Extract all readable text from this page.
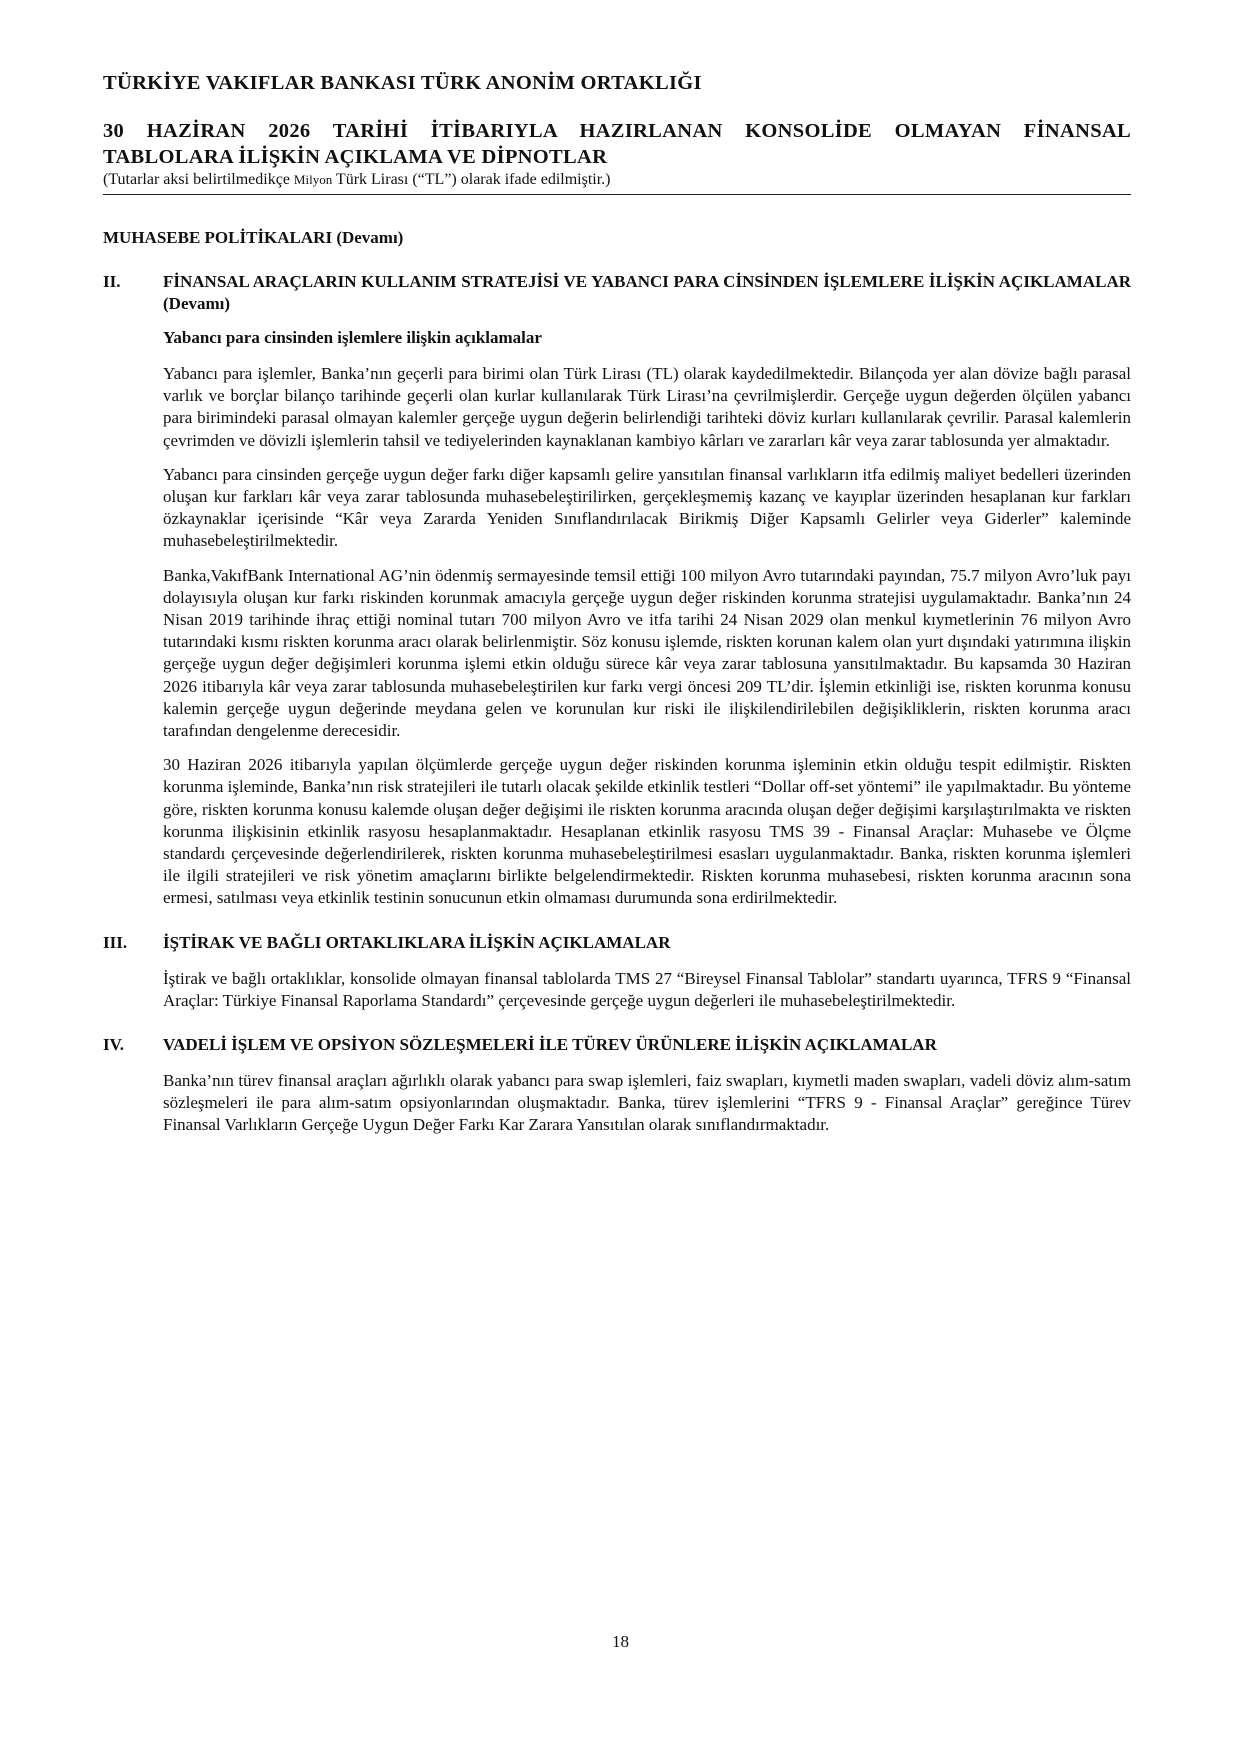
TÜRKİYE VAKIFLAR BANKASI TÜRK ANONİM ORTAKLIĞI

30 HAZİRAN 2026 TARİHİ İTİBARIYLA HAZIRLANAN KONSOLİDE OLMAYAN FİNANSAL

TABLOLARA İLİŞKİN AÇIKLAMA VE DİPNOTLAR

(Tutarlar aksi belirtilmedikçe Milyon Türk Lirası (“TL”) olarak ifade edilmiştir.)

MUHASEBE POLİTİKALARI (Devamı)

II.	FİNANSAL ARAÇLARIN KULLANIM STRATEJİSİ VE YABANCI PARA CİNSİNDEN İŞLEMLERE İLİŞKİN AÇIKLAMALAR (Devamı)

Yabancı para cinsinden işlemlere ilişkin açıklamalar

Yabancı para işlemler, Banka’nın geçerli para birimi olan Türk Lirası (TL) olarak kaydedilmektedir. Bilançoda yer alan dövize bağlı parasal varlık ve borçlar bilanço tarihinde geçerli olan kurlar kullanılarak Türk Lirası’na çevrilmişlerdir. Gerçeğe uygun değerden ölçülen yabancı para birimindeki parasal olmayan kalemler gerçeğe uygun değerin belirlendiği tarihteki döviz kurları kullanılarak çevrilir. Parasal kalemlerin çevrimden ve dövizli işlemlerin tahsil ve tediyelerinden kaynaklanan kambiyo kârları ve zararları kâr veya zarar tablosunda yer almaktadır.

Yabancı para cinsinden gerçeğe uygun değer farkı diğer kapsamlı gelire yansıtılan finansal varlıkların itfa edilmiş maliyet bedelleri üzerinden oluşan kur farkları kâr veya zarar tablosunda muhasebeleştirilirken, gerçekleşmemiş kazanç ve kayıplar üzerinden hesaplanan kur farkları özkaynaklar içerisinde “Kâr veya Zararda Yeniden Sınıflandırılacak Birikmiş Diğer Kapsamlı Gelirler veya Giderler” kaleminde muhasebeleştirilmektedir.

Banka,VakıfBank International AG’nin ödenmiş sermayesinde temsil ettiği 100 milyon Avro tutarındaki payından, 75.7 milyon Avro’luk payı dolayısıyla oluşan kur farkı riskinden korunmak amacıyla gerçeğe uygun değer riskinden korunma stratejisi uygulamaktadır. Banka’nın 24 Nisan 2019 tarihinde ihraç ettiği nominal tutarı 700 milyon Avro ve itfa tarihi 24 Nisan 2029 olan menkul kıymetlerinin 76 milyon Avro tutarındaki kısmı riskten korunma aracı olarak belirlenmiştir. Söz konusu işlemde, riskten korunan kalem olan yurt dışındaki yatırımına ilişkin gerçeğe uygun değer değişimleri korunma işlemi etkin olduğu sürece kâr veya zarar tablosuna yansıtılmaktadır. Bu kapsamda 30 Haziran 2026 itibarıyla kâr veya zarar tablosunda muhasebeleştirilen kur farkı vergi öncesi 209 TL’dir. İşlemin etkinliği ise, riskten korunma konusu kalemin gerçeğe uygun değerinde meydana gelen ve korunulan kur riski ile ilişkilendirilebilen değişikliklerin, riskten korunma aracı tarafından dengelenme derecesidir.

30 Haziran 2026 itibarıyla yapılan ölçümlerde gerçeğe uygun değer riskinden korunma işleminin etkin olduğu tespit edilmiştir. Riskten korunma işleminde, Banka’nın risk stratejileri ile tutarlı olacak şekilde etkinlik testleri “Dollar off-set yöntemi” ile yapılmaktadır. Bu yönteme göre, riskten korunma konusu kalemde oluşan değer değişimi ile riskten korunma aracında oluşan değer değişimi karşılaştırılmakta ve riskten korunma ilişkisinin etkinlik rasyosu hesaplanmaktadır. Hesaplanan etkinlik rasyosu TMS 39 - Finansal Araçlar: Muhasebe ve Ölçme standardı çerçevesinde değerlendirilerek, riskten korunma muhasebeleştirilmesi esasları uygulanmaktadır. Banka, riskten korunma işlemleri ile ilgili stratejileri ve risk yönetim amaçlarını birlikte belgelendirmektedir. Riskten korunma muhasebesi, riskten korunma aracının sona ermesi, satılması veya etkinlik testinin sonucunun etkin olmaması durumunda sona erdirilmektedir.

III.	İŞTİRAK VE BAĞLI ORTAKLIKLARA İLİŞKİN AÇIKLAMALAR

İştirak ve bağlı ortaklıklar, konsolide olmayan finansal tablolarda TMS 27 “Bireysel Finansal Tablolar” standartı uyarınca, TFRS 9 “Finansal Araçlar: Türkiye Finansal Raporlama Standardı” çerçevesinde gerçeğe uygun değerleri ile muhasebeleştirilmektedir.

IV.	VADELİ İŞLEM VE OPSİYON SÖZLEŞMELERİ İLE TÜREV ÜRÜNLERE İLİŞKİN AÇIKLAMALAR

Banka’nın türev finansal araçları ağırlıklı olarak yabancı para swap işlemleri, faiz swapları, kıymetli maden swapları, vadeli döviz alım-satım sözleşmeleri ile para alım-satım opsiyonlarından oluşmaktadır. Banka, türev işlemlerini “TFRS 9 - Finansal Araçlar” gereğince Türev Finansal Varlıkların Gerçeğe Uygun Değer Farkı Kar Zarara Yansıtılan olarak sınıflandırmaktadır.

18
